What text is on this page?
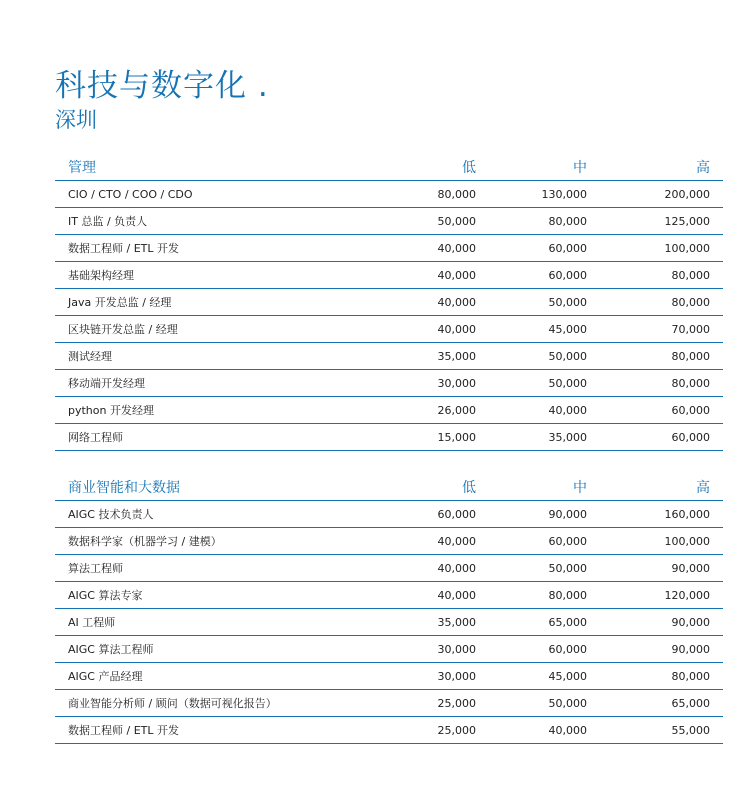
科技与数字化 .
深圳
管理	低	中	高
CIO / CTO / COO / CDO	80,000	130,000	200,000
IT 总监 / 负责人	50,000	80,000	125,000
数据工程师 / ETL 开发	40,000	60,000	100,000
基础架构经理	40,000	60,000	80,000
Java 开发总监 / 经理	40,000	50,000	80,000
区块链开发总监 / 经理	40,000	45,000	70,000
测试经理	35,000	50,000	80,000
移动端开发经理	30,000	50,000	80,000
python 开发经理	26,000	40,000	60,000
网络工程师	15,000	35,000	60,000
商业智能和大数据	低	中	高
AIGC 技术负责人	60,000	90,000	160,000
数据科学家（机器学习 / 建模）	40,000	60,000	100,000
算法工程师	40,000	50,000	90,000
AIGC 算法专家	40,000	80,000	120,000
AI 工程师	35,000	65,000	90,000
AIGC 算法工程师	30,000	60,000	90,000
AIGC 产品经理	30,000	45,000	80,000
商业智能分析师 / 顾问（数据可视化报告）	25,000	50,000	65,000
数据工程师 / ETL 开发	25,000	40,000	55,000
